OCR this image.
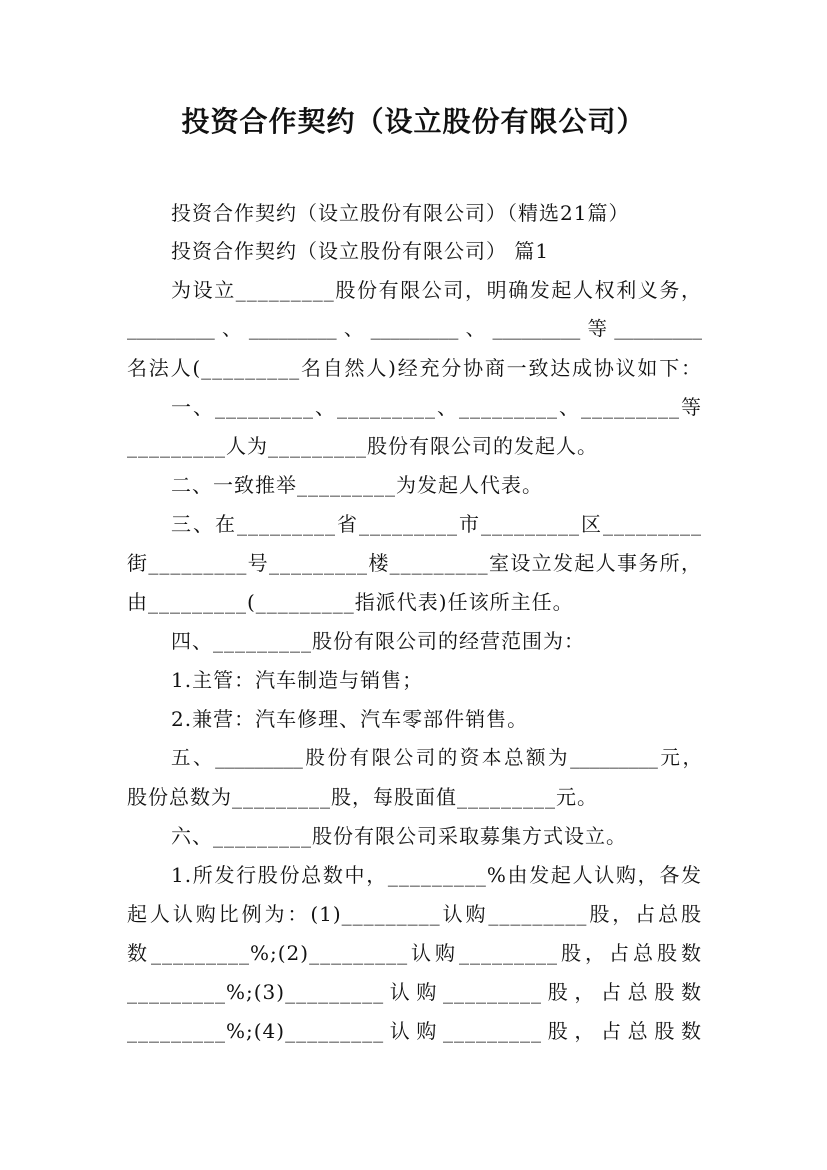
投资合作契约（设立股份有限公司）
投资合作契约（设立股份有限公司）（精选21篇）
投资合作契约（设立股份有限公司） 篇1
为设立_________股份有限公司，明确发起人权利义务，
_________、_________、_________、_________等_________
名法人(_________名自然人)经充分协商一致达成协议如下：
一、_________、_________、_________、_________等
_________人为_________股份有限公司的发起人。
二、一致推举_________为发起人代表。
三、在_________省_________市_________区_________
街_________号_________楼_________室设立发起人事务所，
由_________(_________指派代表)任该所主任。
四、_________股份有限公司的经营范围为：
1.主管：汽车制造与销售；
2.兼营：汽车修理、汽车零部件销售。
五、_________股份有限公司的资本总额为_________元，
股份总数为_________股，每股面值_________元。
六、_________股份有限公司采取募集方式设立。
1.所发行股份总数中，_________%由发起人认购，各发
起人认购比例为：(1)_________认购_________股，占总股
数_________%;(2)_________认购_________股，占总股数
_________%;(3)_________认购_________股，占总股数
_________%;(4)_________认购_________股，占总股数
